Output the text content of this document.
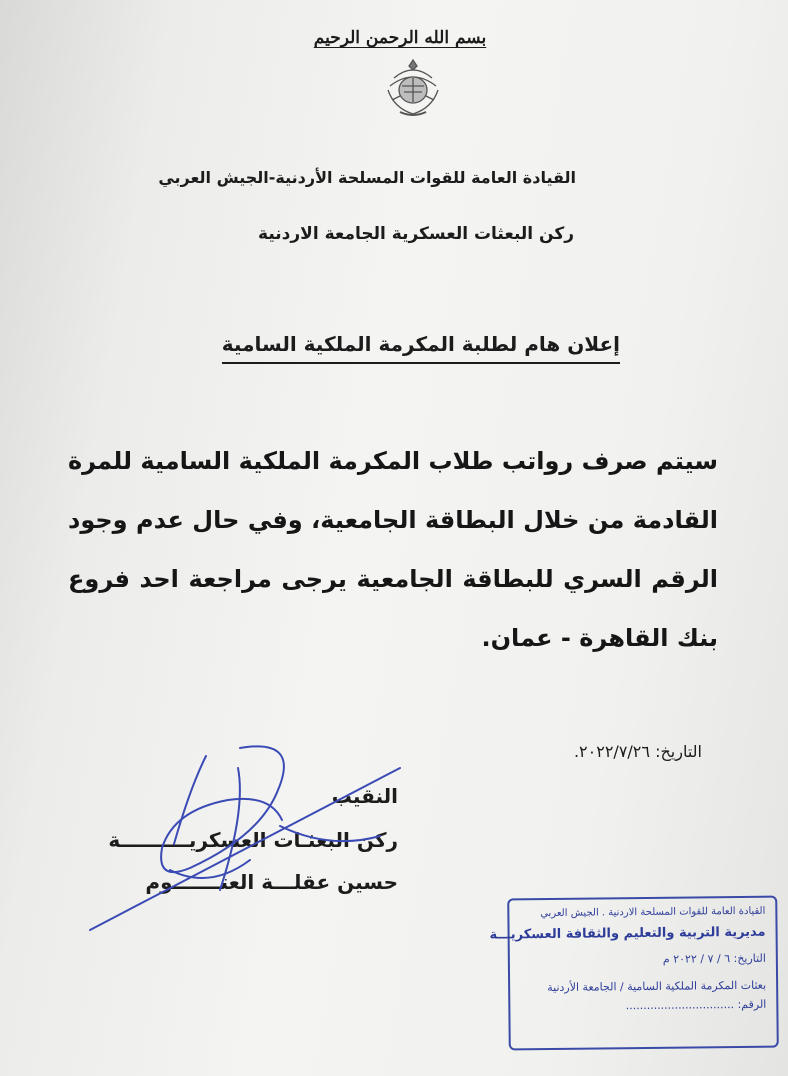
بسم الله الرحمن الرحيم
القيادة العامة للقوات المسلحة الأردنية-الجيش العربي
ركن البعثات العسكرية الجامعة الاردنية
إعلان هام لطلبة المكرمة الملكية السامية
سيتم صرف رواتب طلاب المكرمة الملكية السامية للمرة القادمة من خلال البطاقة الجامعية، وفي حال عدم وجود الرقم السري للبطاقة الجامعية يرجى مراجعة احد فروع بنك القاهرة - عمان.
التاريخ: ٢٠٢٢/٧/٢٦.
النقيب
ركن البعثـات العسكريــــــــــة
حسين عقلـــة العتـــــــوم
القيادة العامة للقوات المسلحة الاردنية . الجيش العربي
مديرية التربية والتعليم والثقافة العسكريـــة
التاريخ: ٦ / ٧ / ٢٠٢٢ م
بعثات المكرمة الملكية السامية / الجامعة الأردنية
الرقم: ...............................
